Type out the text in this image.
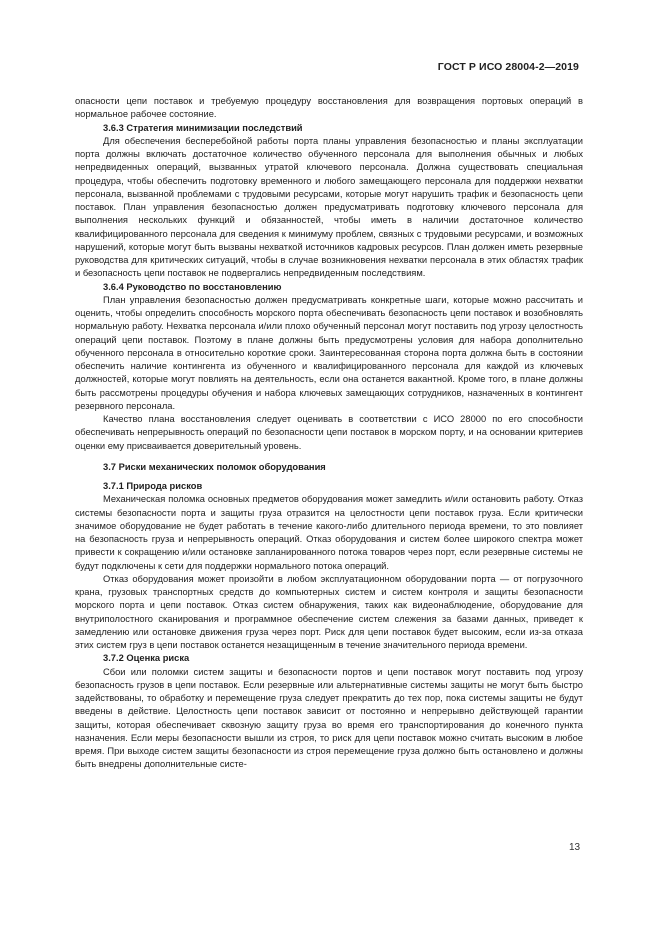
ГОСТ Р ИСО 28004-2—2019

опасности цепи поставок и требуемую процедуру восстановления для возвращения портовых операций в нормальное рабочее состояние.

3.6.3 Стратегия минимизации последствий

Для обеспечения бесперебойной работы порта планы управления безопасностью и планы эксплуатации порта должны включать достаточное количество обученного персонала для выполнения обычных и любых непредвиденных операций, вызванных утратой ключевого персонала. Должна существовать специальная процедура, чтобы обеспечить подготовку временного и любого замещающего персонала для поддержки нехватки персонала, вызванной проблемами с трудовыми ресурсами, которые могут нарушить трафик и безопасность цепи поставок. План управления безопасностью должен предусматривать подготовку ключевого персонала для выполнения нескольких функций и обязанностей, чтобы иметь в наличии достаточное количество квалифицированного персонала для сведения к минимуму проблем, связных с трудовыми ресурсами, и возможных нарушений, которые могут быть вызваны нехваткой источников кадровых ресурсов. План должен иметь резервные руководства для критических ситуаций, чтобы в случае возникновения нехватки персонала в этих областях трафик и безопасность цепи поставок не подвергались непредвиденным последствиям.

3.6.4 Руководство по восстановлению

План управления безопасностью должен предусматривать конкретные шаги, которые можно рассчитать и оценить, чтобы определить способность морского порта обеспечивать безопасность цепи поставок и возобновлять нормальную работу. Нехватка персонала и/или плохо обученный персонал могут поставить под угрозу целостность операций цепи поставок. Поэтому в плане должны быть предусмотрены условия для набора дополнительно обученного персонала в относительно короткие сроки. Заинтересованная сторона порта должна быть в состоянии обеспечить наличие контингента из обученного и квалифицированного персонала для каждой из ключевых должностей, которые могут повлиять на деятельность, если она останется вакантной. Кроме того, в плане должны быть рассмотрены процедуры обучения и набора ключевых замещающих сотрудников, назначенных в контингент резервного персонала.

Качество плана восстановления следует оценивать в соответствии с ИСО 28000 по его способности обеспечивать непрерывность операций по безопасности цепи поставок в морском порту, и на основании критериев оценки ему присваивается доверительный уровень.

3.7 Риски механических поломок оборудования
3.7.1 Природа рисков

Механическая поломка основных предметов оборудования может замедлить и/или остановить работу. Отказ системы безопасности порта и защиты груза отразится на целостности цепи поставок груза. Если критически значимое оборудование не будет работать в течение какого-либо длительного периода времени, то это повлияет на безопасность груза и непрерывность операций. Отказ оборудования и систем более широкого спектра может привести к сокращению и/или остановке запланированного потока товаров через порт, если резервные системы не будут подключены к сети для поддержки нормального потока операций.

Отказ оборудования может произойти в любом эксплуатационном оборудовании порта — от погрузочного крана, грузовых транспортных средств до компьютерных систем и систем контроля и защиты безопасности морского порта и цепи поставок. Отказ систем обнаружения, таких как видеонаблюдение, оборудование для внутриполостного сканирования и программное обеспечение систем слежения за базами данных, приведет к замедлению или остановке движения груза через порт. Риск для цепи поставок будет высоким, если из-за отказа этих систем груз в цепи поставок останется незащищенным в течение значительного периода времени.

3.7.2 Оценка риска

Сбои или поломки систем защиты и безопасности портов и цепи поставок могут поставить под угрозу безопасность грузов в цепи поставок. Если резервные или альтернативные системы защиты не могут быть быстро задействованы, то обработку и перемещение груза следует прекратить до тех пор, пока системы защиты не будут введены в действие. Целостность цепи поставок зависит от постоянно и непрерывно действующей гарантии защиты, которая обеспечивает сквозную защиту груза во время его транспортирования до конечного пункта назначения. Если меры безопасности вышли из строя, то риск для цепи поставок можно считать высоким в любое время. При выходе систем защиты безопасности из строя перемещение груза должно быть остановлено и должны быть внедрены дополнительные систе-

13
